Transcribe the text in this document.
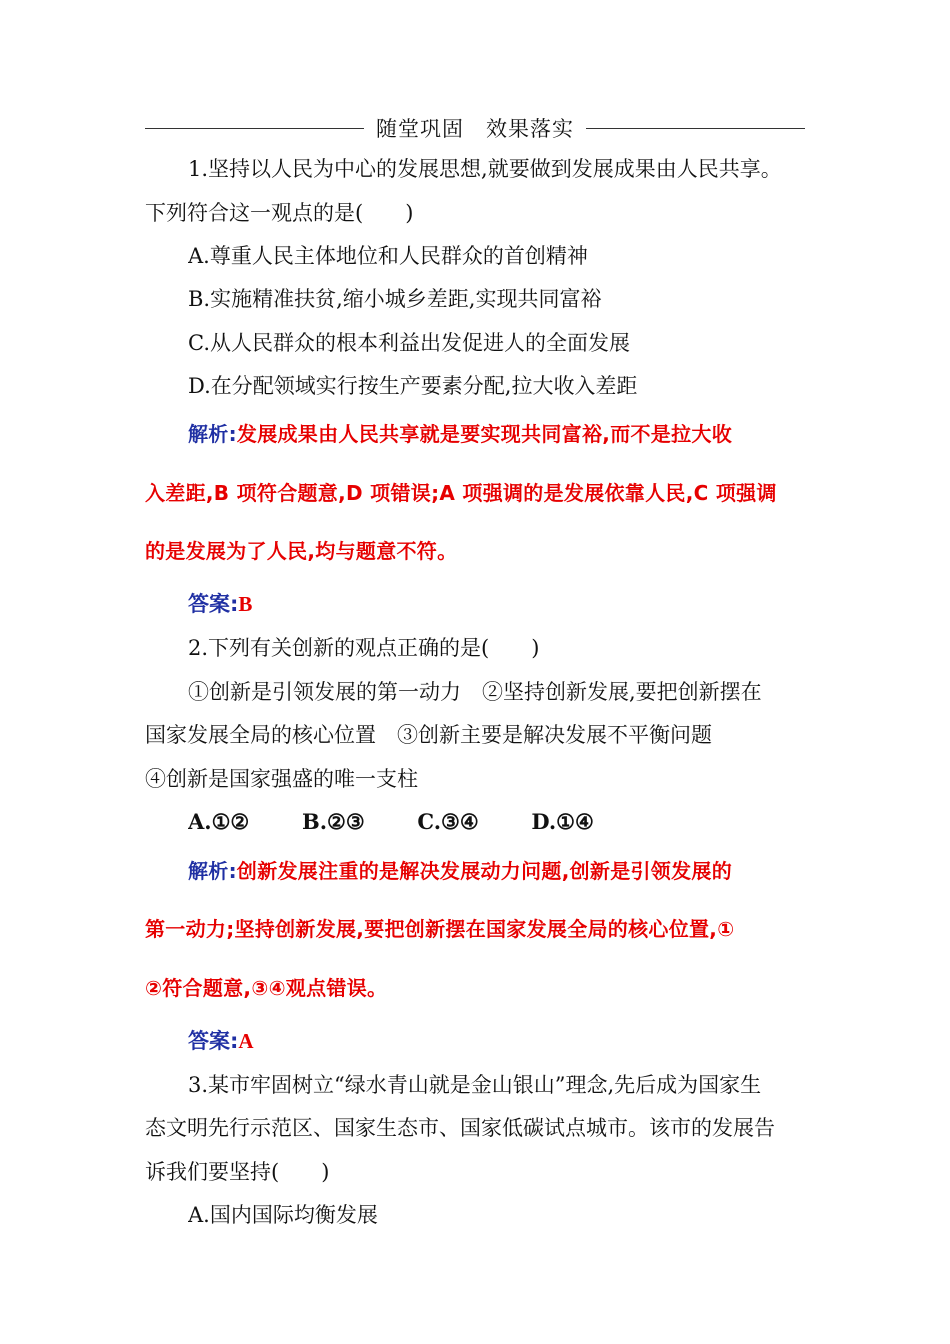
随堂巩固　效果落实
1.坚持以人民为中心的发展思想,就要做到发展成果由人民共享。
下列符合这一观点的是(　　)
A.尊重人民主体地位和人民群众的首创精神
B.实施精准扶贫,缩小城乡差距,实现共同富裕
C.从人民群众的根本利益出发促进人的全面发展
D.在分配领域实行按生产要素分配,拉大收入差距
解析:发展成果由人民共享就是要实现共同富裕,而不是拉大收
入差距,B 项符合题意,D 项错误;A 项强调的是发展依靠人民,C 项强调
的是发展为了人民,均与题意不符。
答案:B
2.下列有关创新的观点正确的是(　　)
①创新是引领发展的第一动力　②坚持创新发展,要把创新摆在
国家发展全局的核心位置　③创新主要是解决发展不平衡问题
④创新是国家强盛的唯一支柱
A.①②	B.②③	C.③④	D.①④
解析:创新发展注重的是解决发展动力问题,创新是引领发展的
第一动力;坚持创新发展,要把创新摆在国家发展全局的核心位置,①
②符合题意,③④观点错误。
答案:A
3.某市牢固树立“绿水青山就是金山银山”理念,先后成为国家生
态文明先行示范区、国家生态市、国家低碳试点城市。该市的发展告
诉我们要坚持(　　)
A.国内国际均衡发展
